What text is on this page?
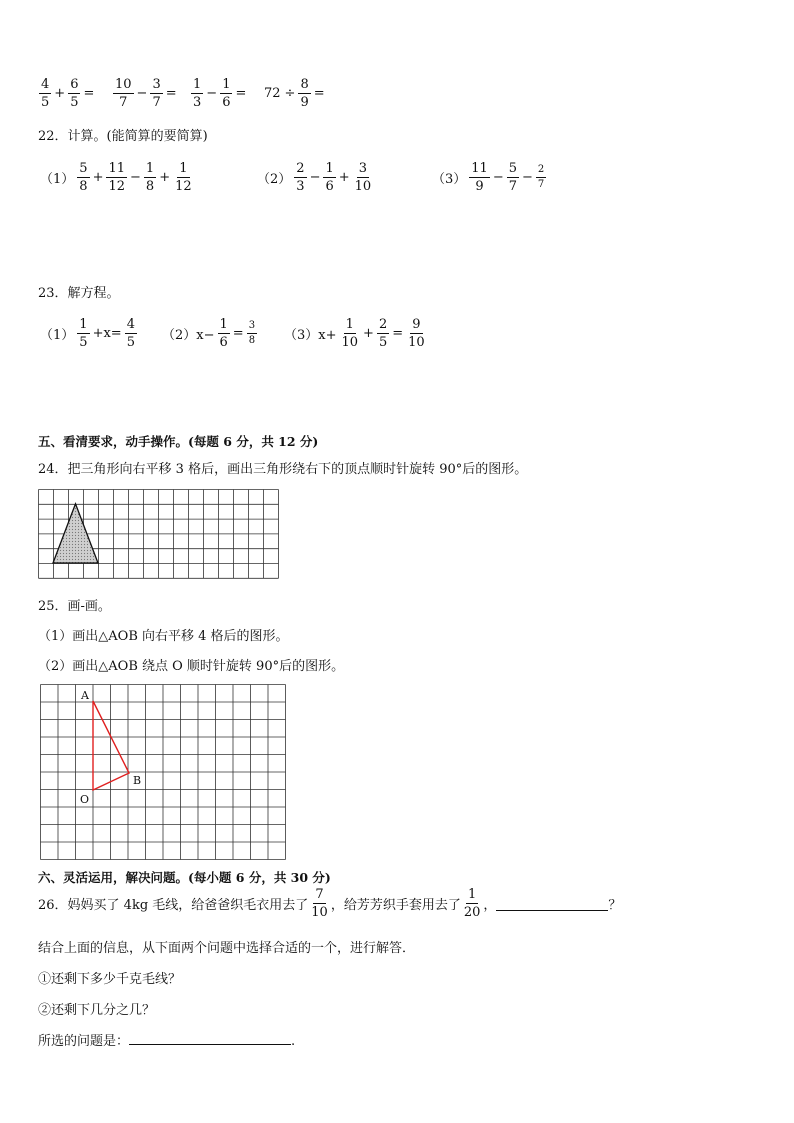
$\frac{4}{5} + \frac{6}{5} = \frac{10}{7} - \frac{3}{7} = \frac{1}{3} - \frac{1}{6} = 72 \div \frac{8}{9}$ =
22．计算。(能简算的要简算)
$(1) \frac{5}{8} + \frac{11}{12} - \frac{1}{8} + \frac{1}{12}$	$(2) \frac{2}{3} - \frac{1}{6} + \frac{3}{10}$	$(3) \frac{11}{9} - \frac{5}{7} - \frac{2}{7}$
23．解方程。
$(1) \frac{1}{5} +x= \frac{4}{5} (2)x- \frac{1}{6} = \frac{3}{8} (3)x+ \frac{1}{10} + \frac{2}{5} = \frac{9}{10}$
五、看清要求，动手操作。(每题 6 分，共 12 分)
24．把三角形向右平移 3 格后，画出三角形绕右下的顶点顺时针旋转 90°后的图形。
25．画-画。
（1）画出△AOB 向右平移 4 格后的图形。
（2）画出△AOB 绕点 O 顺时针旋转 90°后的图形。
A
B
O
六、灵活运用，解决问题。(每小题 6 分，共 30 分)
26．妈妈买了 4kg 毛线，给爸爸织毛衣用去了 $\frac{7}{10}$ ，给芳芳织手套用去了 $\frac{1}{20}$ ，	？
结合上面的信息，从下面两个问题中选择合适的一个，进行解答．
①还剩下多少千克毛线？
②还剩下几分之几？
所选的问题是：	.
